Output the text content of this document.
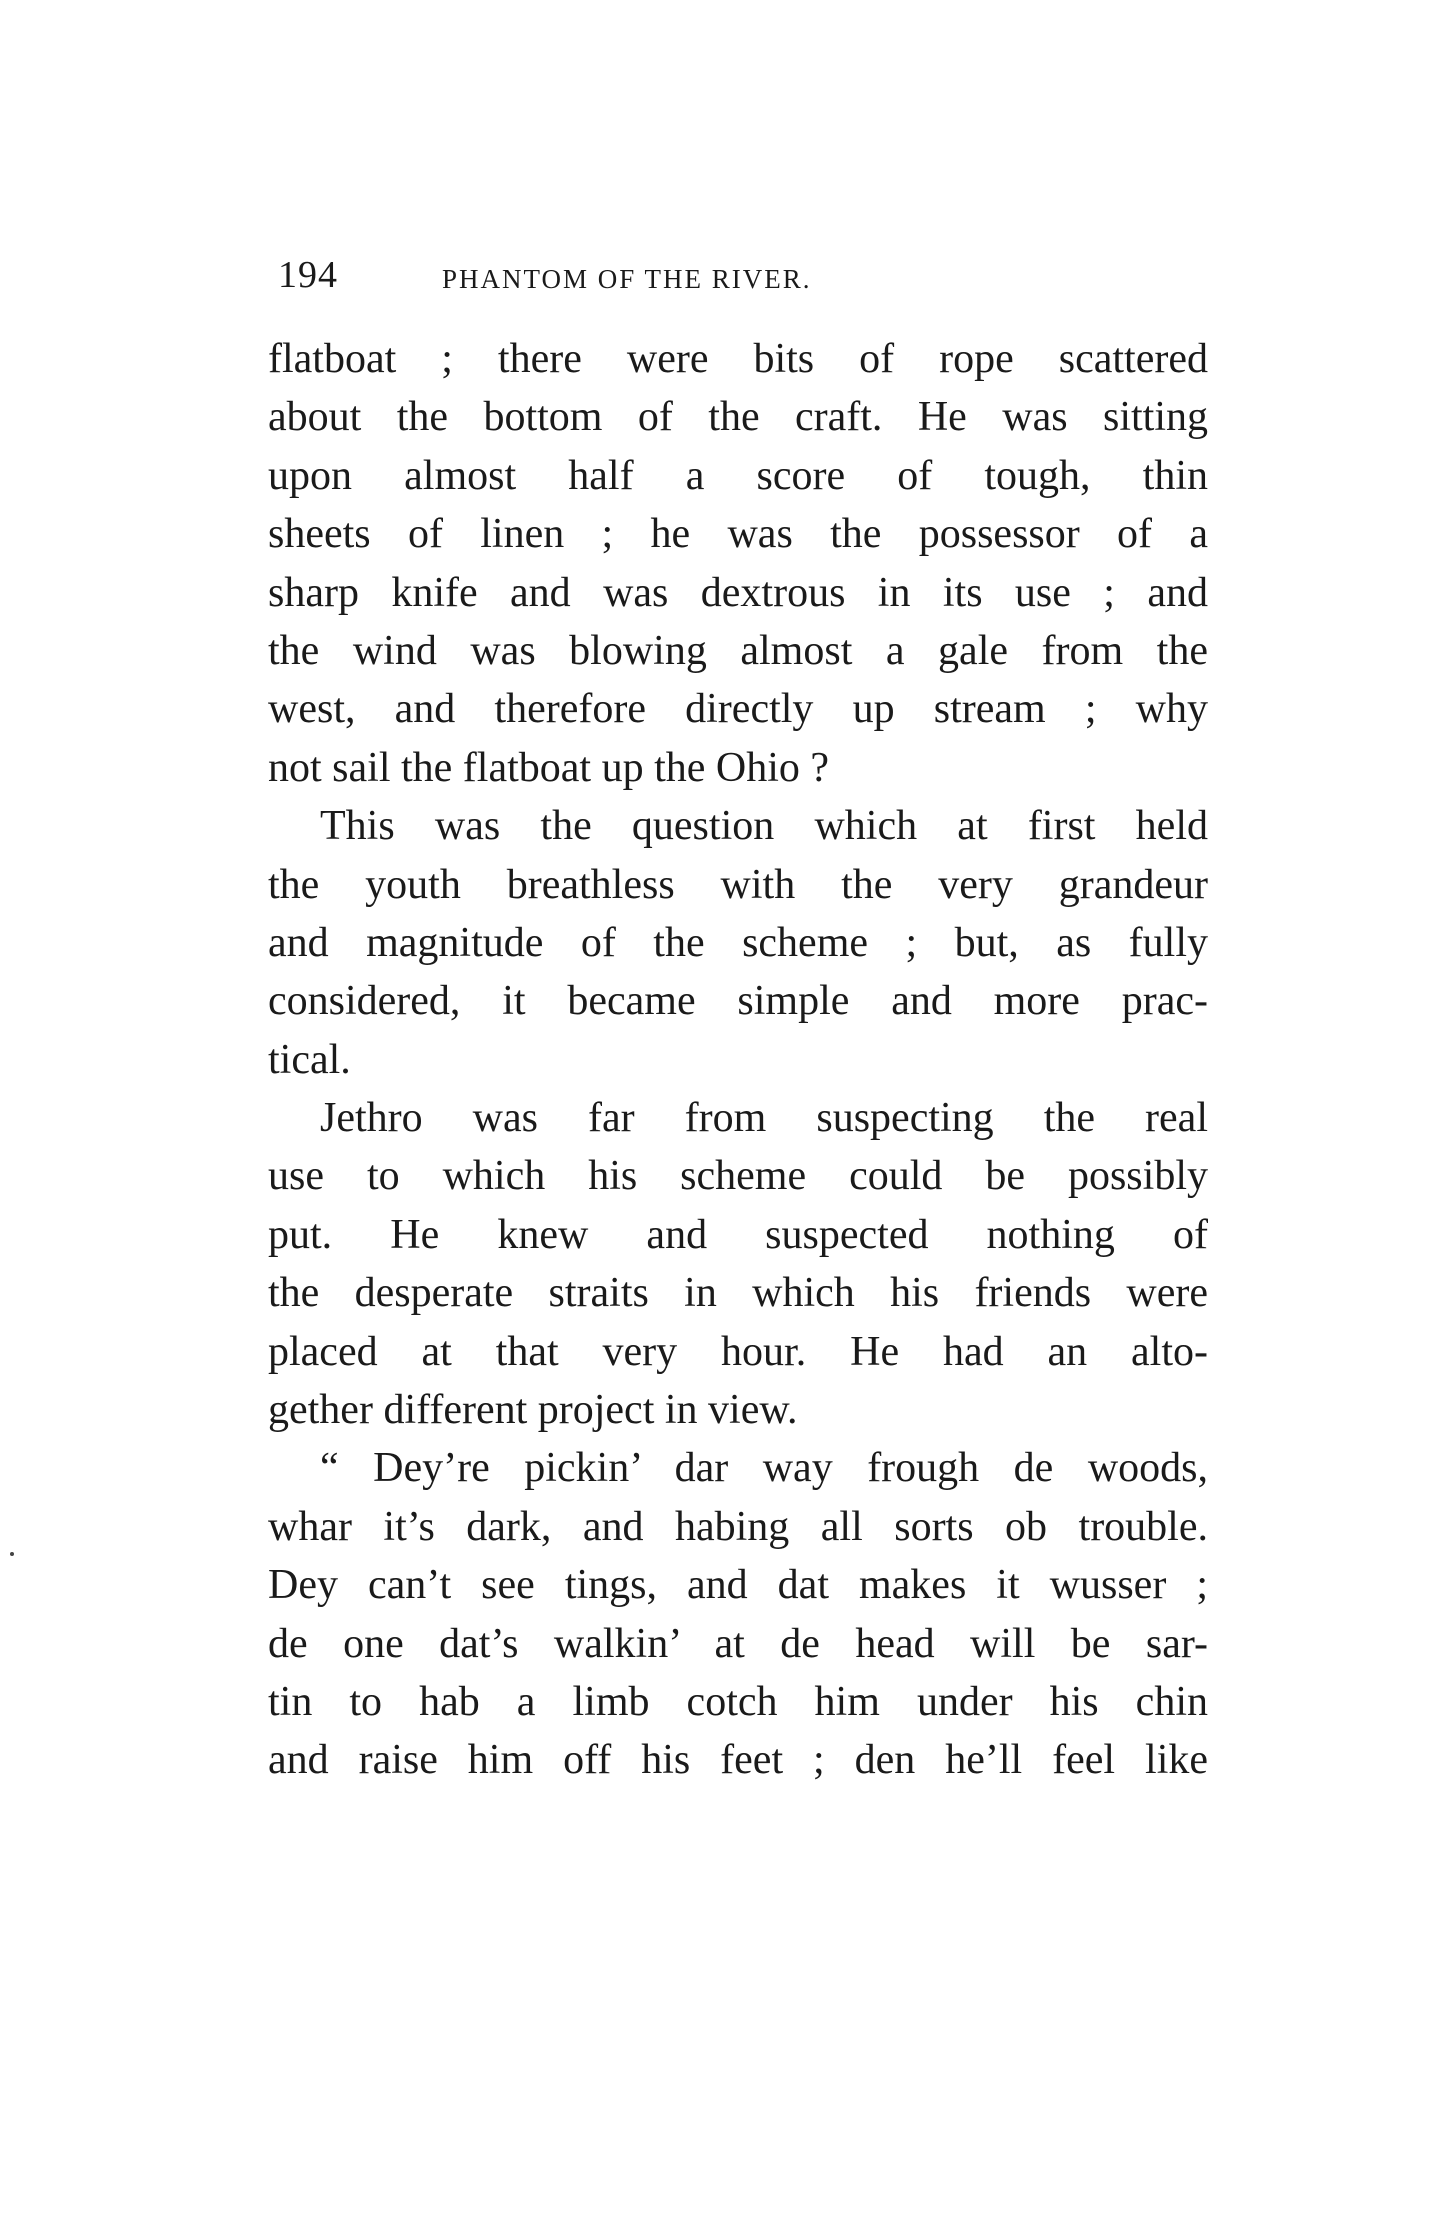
194	PHANTOM OF THE RIVER.
flatboat ; there were bits of rope scattered
about the bottom of the craft. He was sitting
upon almost half a score of tough, thin
sheets of linen ; he was the possessor of a
sharp knife and was dextrous in its use ; and
the wind was blowing almost a gale from the
west, and therefore directly up stream ; why
not sail the flatboat up the Ohio ?
This was the question which at first held
the youth breathless with the very grandeur
and magnitude of the scheme ; but, as fully
considered, it became simple and more prac-
tical.
Jethro was far from suspecting the real
use to which his scheme could be possibly
put. He knew and suspected nothing of
the desperate straits in which his friends were
placed at that very hour. He had an alto-
gether different project in view.
“ Dey’re pickin’ dar way frough de woods,
whar it’s dark, and habing all sorts ob trouble.
Dey can’t see tings, and dat makes it wusser ;
de one dat’s walkin’ at de head will be sar-
tin to hab a limb cotch him under his chin
and raise him off his feet ; den he’ll feel like
